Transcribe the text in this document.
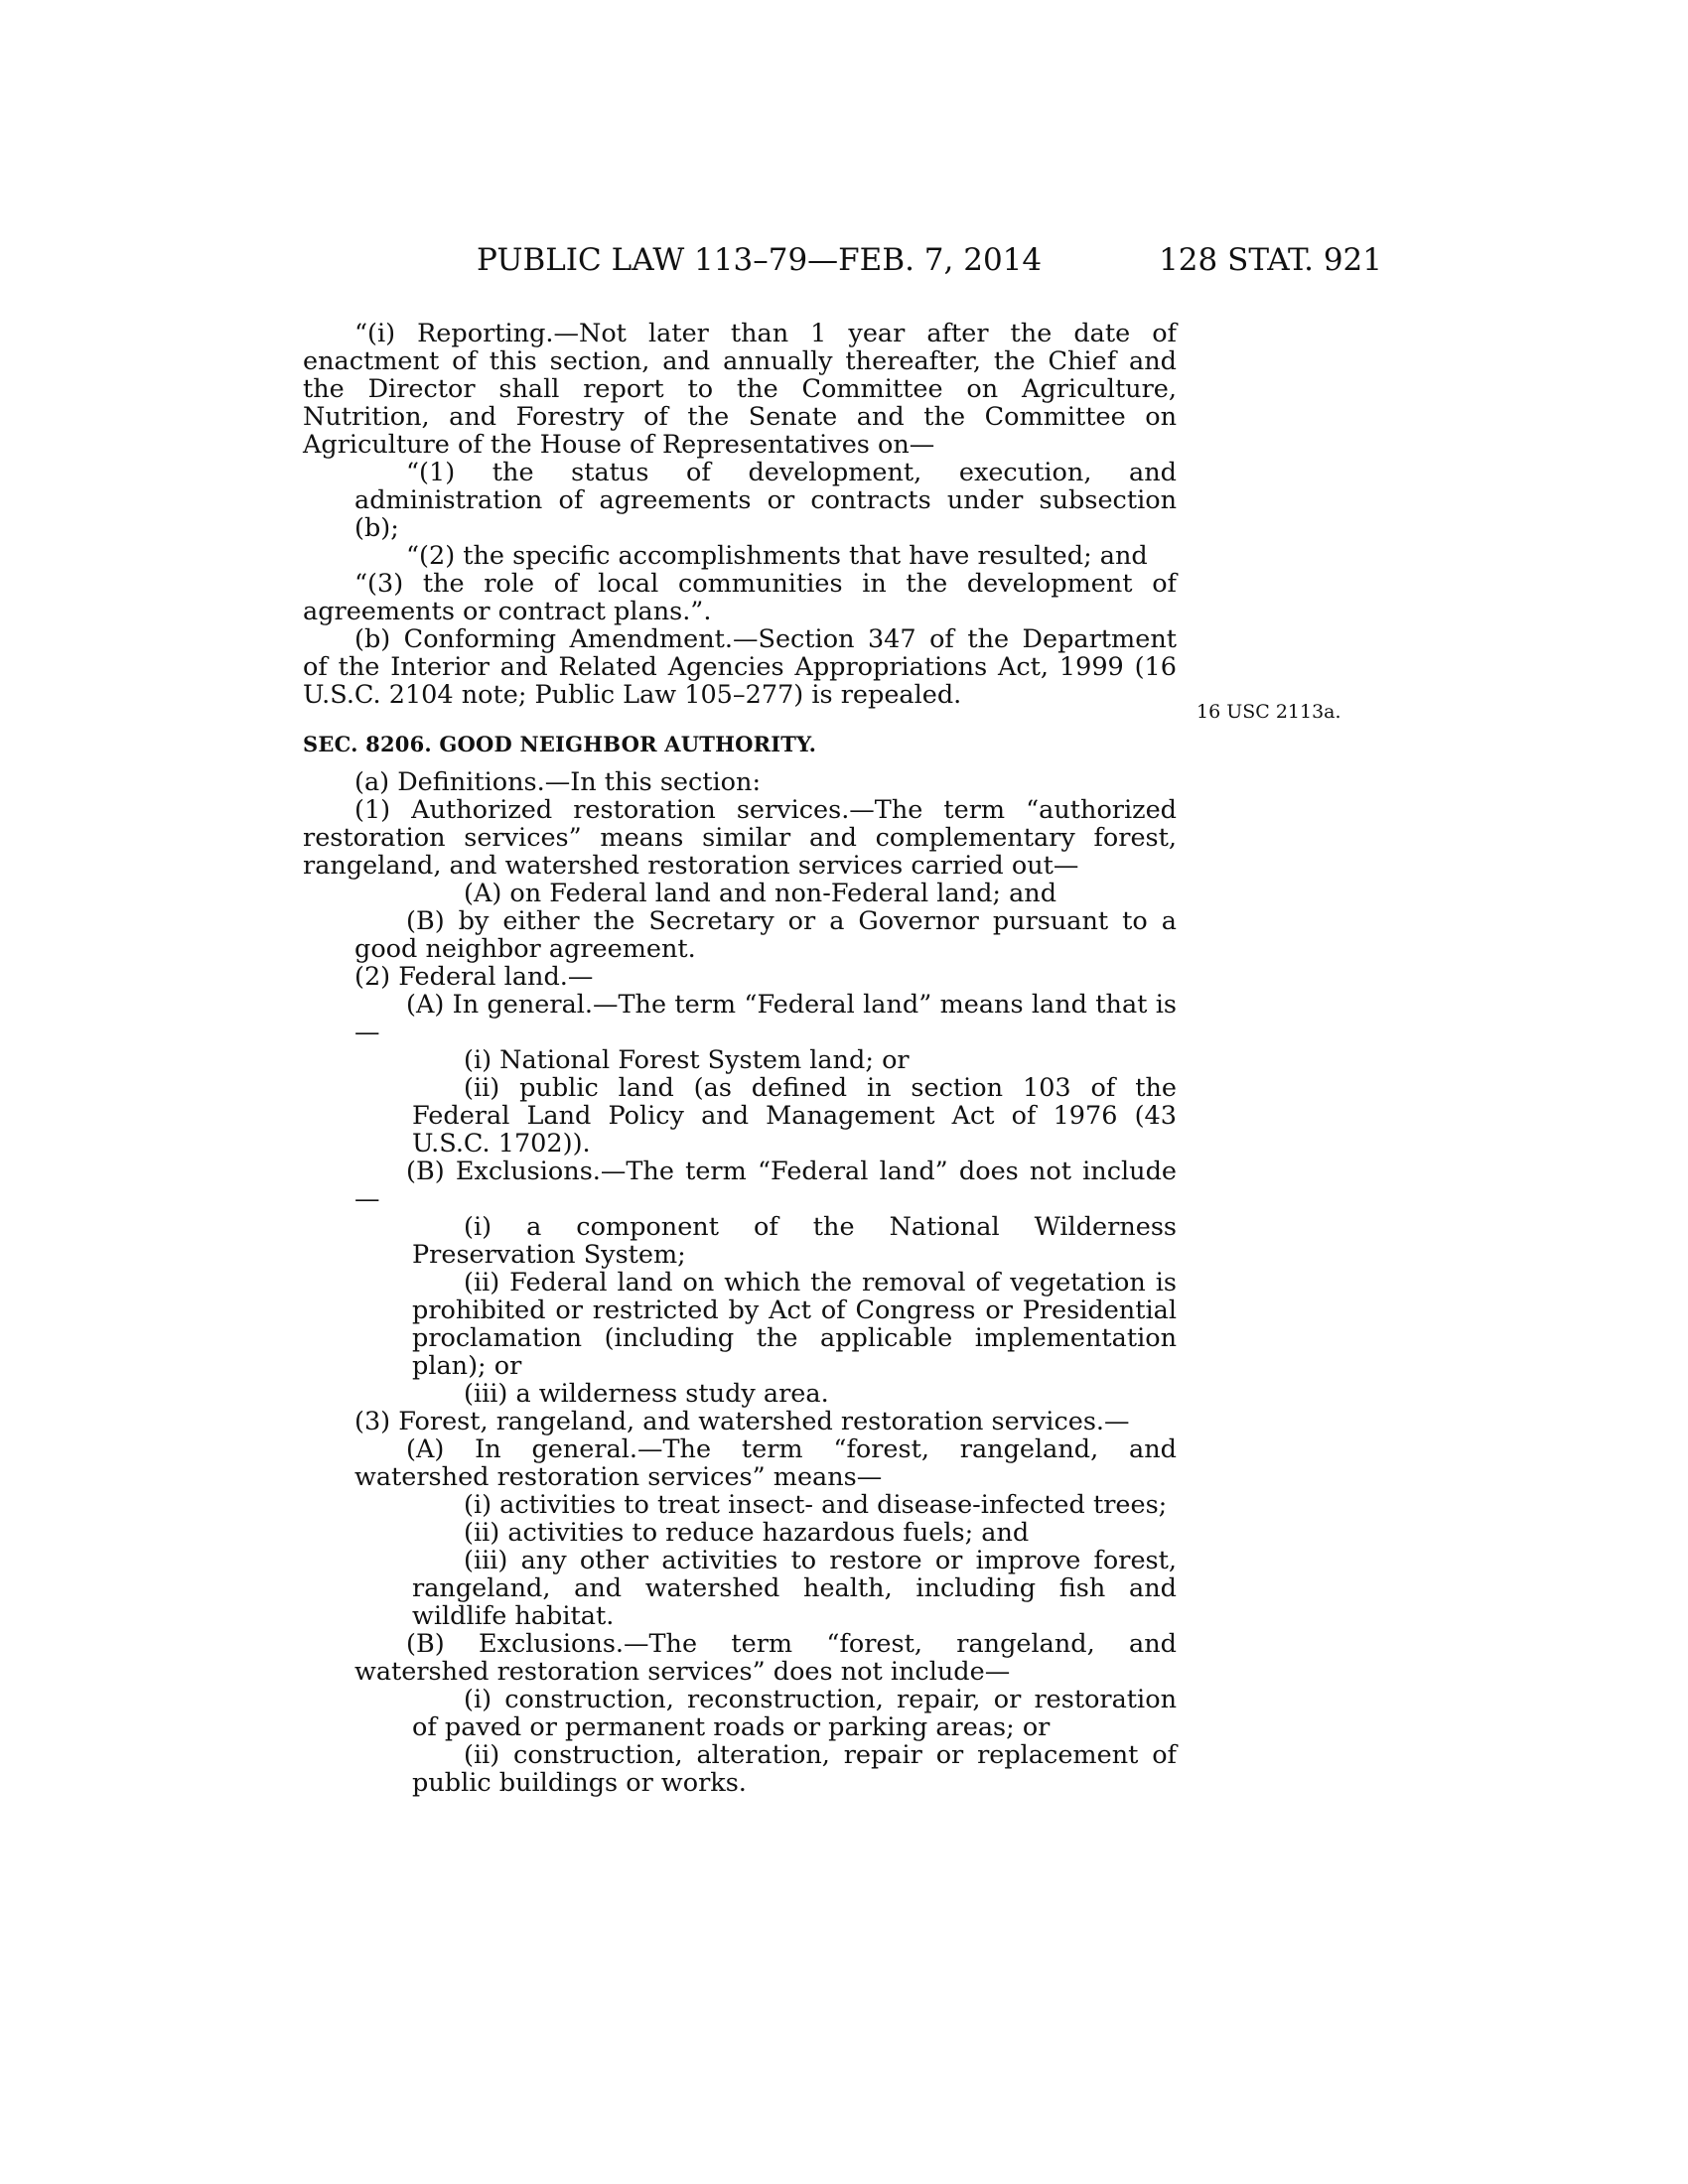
PUBLIC LAW 113–79—FEB. 7, 2014	128 STAT. 921
16 USC 2113a.

“(i) Reporting.—Not later than 1 year after the date of enactment of this section, and annually thereafter, the Chief and the Director shall report to the Committee on Agriculture, Nutrition, and Forestry of the Senate and the Committee on Agriculture of the House of Representatives on—

“(1) the status of development, execution, and administration of agreements or contracts under subsection (b);

“(2) the specific accomplishments that have resulted; and

“(3) the role of local communities in the development of agreements or contract plans.”.

(b) Conforming Amendment.—Section 347 of the Department of the Interior and Related Agencies Appropriations Act, 1999 (16 U.S.C. 2104 note; Public Law 105–277) is repealed.

SEC. 8206. GOOD NEIGHBOR AUTHORITY.

(a) Definitions.—In this section:

(1) Authorized restoration services.—The term “authorized restoration services” means similar and complementary forest, rangeland, and watershed restoration services carried out—

(A) on Federal land and non-Federal land; and

(B) by either the Secretary or a Governor pursuant to a good neighbor agreement.

(2) Federal land.—

(A) In general.—The term “Federal land” means land that is—

(i) National Forest System land; or

(ii) public land (as defined in section 103 of the Federal Land Policy and Management Act of 1976 (43 U.S.C. 1702)).

(B) Exclusions.—The term “Federal land” does not include—

(i) a component of the National Wilderness Preservation System;

(ii) Federal land on which the removal of vegetation is prohibited or restricted by Act of Congress or Presidential proclamation (including the applicable implementation plan); or

(iii) a wilderness study area.

(3) Forest, rangeland, and watershed restoration services.—

(A) In general.—The term “forest, rangeland, and watershed restoration services” means—

(i) activities to treat insect- and disease-infected trees;

(ii) activities to reduce hazardous fuels; and

(iii) any other activities to restore or improve forest, rangeland, and watershed health, including fish and wildlife habitat.

(B) Exclusions.—The term “forest, rangeland, and watershed restoration services” does not include—

(i) construction, reconstruction, repair, or restoration of paved or permanent roads or parking areas; or

(ii) construction, alteration, repair or replacement of public buildings or works.
